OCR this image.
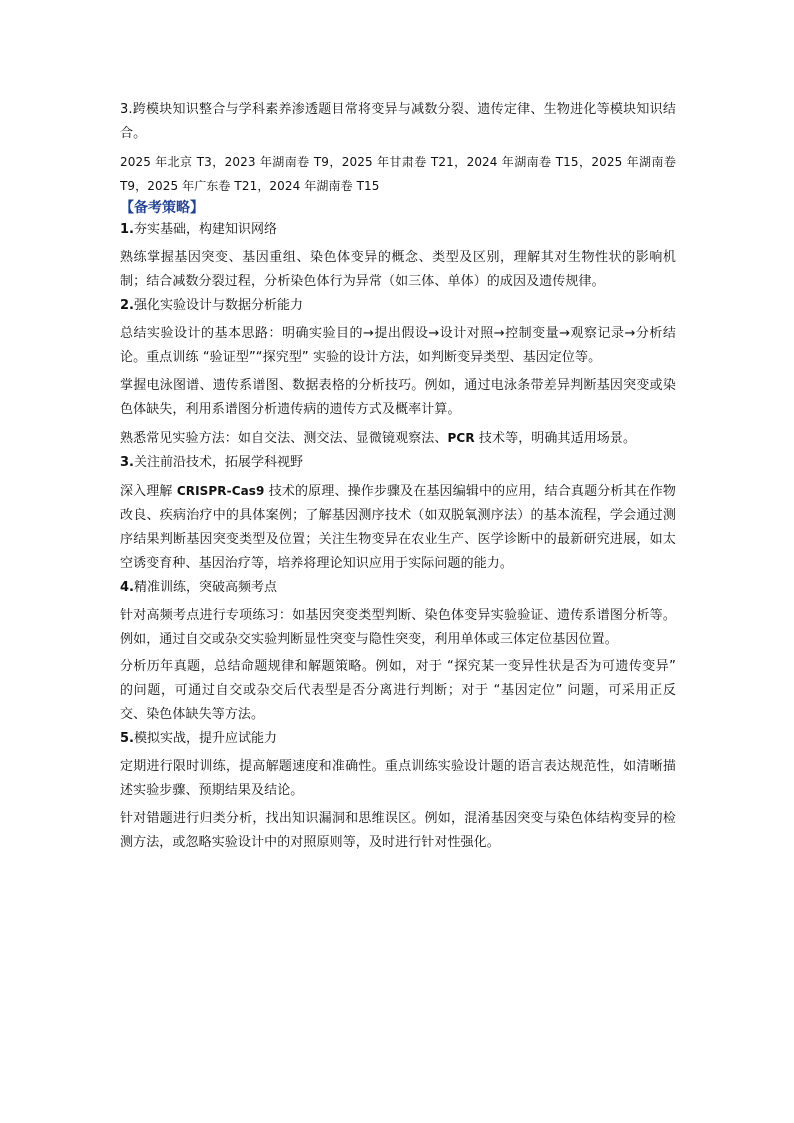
3.跨模块知识整合与学科素养渗透题目常将变异与减数分裂、遗传定律、生物进化等模块知识结合。

2025 年北京 T3，2023 年湖南卷 T9，2025 年甘肃卷 T21，2024 年湖南卷 T15，2025 年湖南卷 T9，2025 年广东卷 T21，2024 年湖南卷 T15

【备考策略】

1.夯实基础，构建知识网络

熟练掌握基因突变、基因重组、染色体变异的概念、类型及区别，理解其对生物性状的影响机制；结合减数分裂过程，分析染色体行为异常（如三体、单体）的成因及遗传规律。

2.强化实验设计与数据分析能力

总结实验设计的基本思路：明确实验目的→提出假设→设计对照→控制变量→观察记录→分析结论。重点训练 “验证型”“探究型” 实验的设计方法，如判断变异类型、基因定位等。

掌握电泳图谱、遗传系谱图、数据表格的分析技巧。例如，通过电泳条带差异判断基因突变或染色体缺失，利用系谱图分析遗传病的遗传方式及概率计算。

熟悉常见实验方法：如自交法、测交法、显微镜观察法、PCR 技术等，明确其适用场景。

3.关注前沿技术，拓展学科视野

深入理解 CRISPR-Cas9 技术的原理、操作步骤及在基因编辑中的应用，结合真题分析其在作物改良、疾病治疗中的具体案例；了解基因测序技术（如双脱氧测序法）的基本流程，学会通过测序结果判断基因突变类型及位置；关注生物变异在农业生产、医学诊断中的最新研究进展，如太空诱变育种、基因治疗等，培养将理论知识应用于实际问题的能力。

4.精准训练，突破高频考点

针对高频考点进行专项练习：如基因突变类型判断、染色体变异实验验证、遗传系谱图分析等。例如，通过自交或杂交实验判断显性突变与隐性突变，利用单体或三体定位基因位置。

分析历年真题，总结命题规律和解题策略。例如，对于 “探究某一变异性状是否为可遗传变异” 的问题，可通过自交或杂交后代表型是否分离进行判断；对于 “基因定位” 问题，可采用正反交、染色体缺失等方法。

5.模拟实战，提升应试能力

定期进行限时训练，提高解题速度和准确性。重点训练实验设计题的语言表达规范性，如清晰描述实验步骤、预期结果及结论。

针对错题进行归类分析，找出知识漏洞和思维误区。例如，混淆基因突变与染色体结构变异的检测方法，或忽略实验设计中的对照原则等，及时进行针对性强化。
